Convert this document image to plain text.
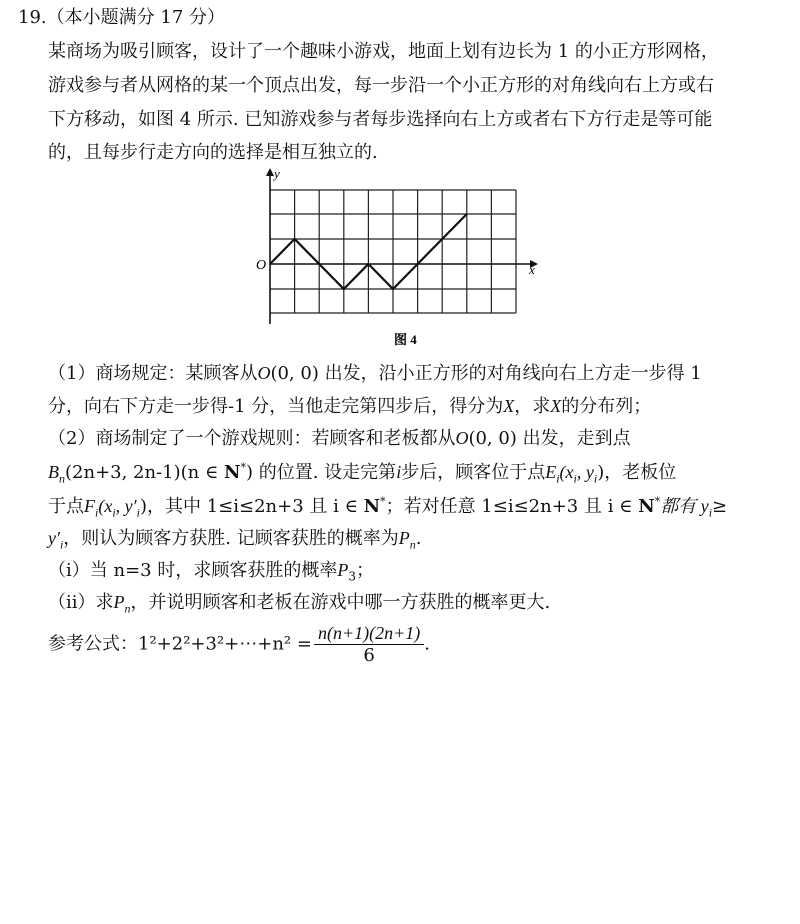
19.（本小题满分 17 分）
某商场为吸引顾客，设计了一个趣味小游戏，地面上划有边长为 1 的小正方形网格，
游戏参与者从网格的某一个顶点出发，每一步沿一个小正方形的对角线向右上方或右
下方移动，如图 4 所示. 已知游戏参与者每步选择向右上方或者右下方行走是等可能
的，且每步行走方向的选择是相互独立的.
y
x
O
图 4
（1）商场规定：某顾客从O(0, 0) 出发，沿小正方形的对角线向右上方走一步得 1
分，向右下方走一步得-1 分，当他走完第四步后，得分为X，求X的分布列；
（2）商场制定了一个游戏规则：若顾客和老板都从O(0, 0) 出发，走到点
$B_n(2n+3$, 2n-1)(n ∈ N*) 的位置. 设走完第i步后，顾客位于点$E_i(x_i$, $y_i$)，老板位
于点$F_i(x_i$, $y'_i$)，其中 1≤i≤2n+3 且 i ∈ N*；若对任意 1≤i≤2n+3 且 i ∈ N*都有 $y_i\ge$
$y'_i$，则认为顾客方获胜. 记顾客获胜的概率为$P_n$.
（ⅰ）当 n=3 时，求顾客获胜的概率$P_3$；
（ⅱ）求$P_n$，并说明顾客和老板在游戏中哪一方获胜的概率更大.
参考公式：1²+2²+3²+⋯+n² = $\frac{n(n+1)(2n+1)}{6}$ .
